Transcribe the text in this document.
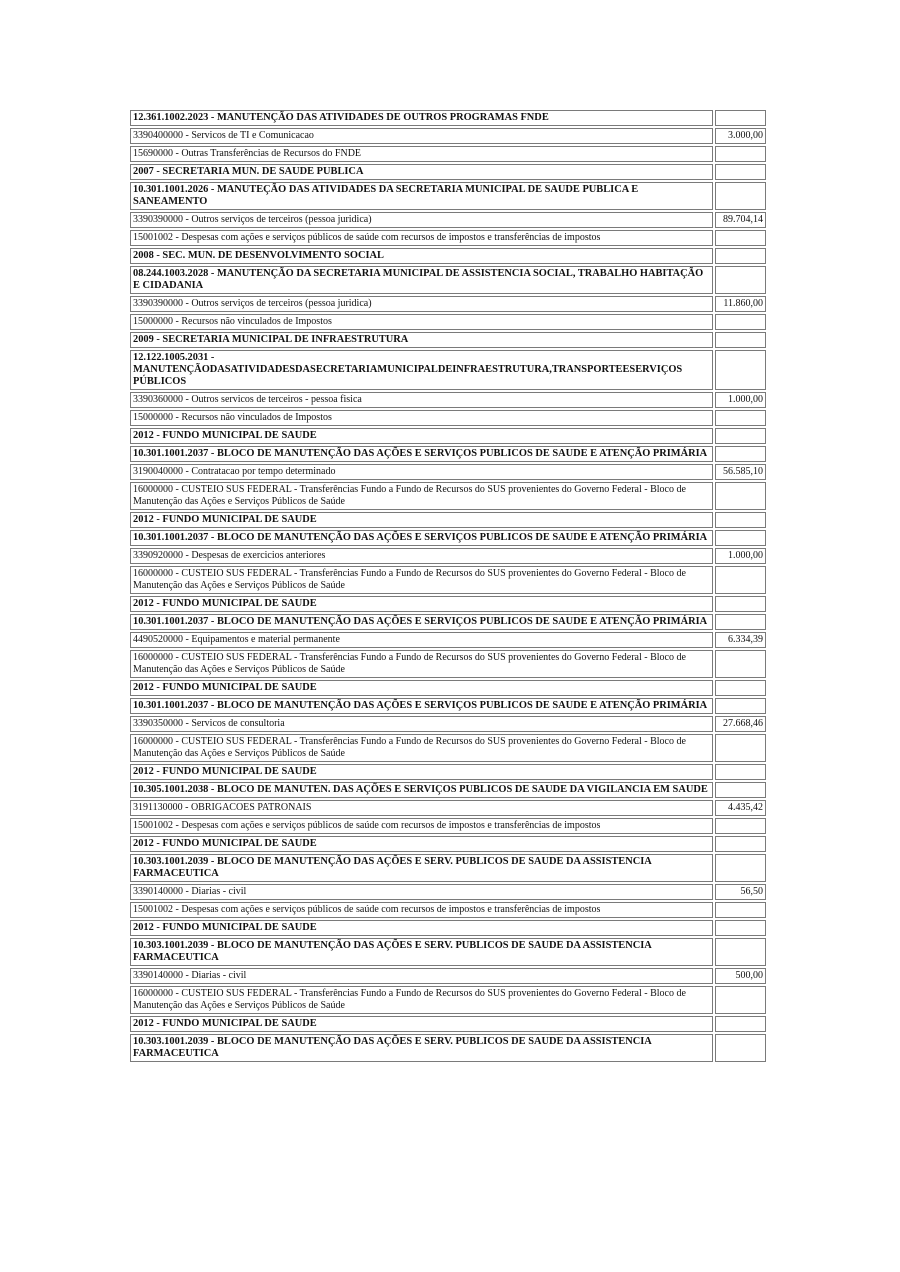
12.361.1002.2023 - MANUTENÇÃO DAS ATIVIDADES DE OUTROS PROGRAMAS FNDE	
3390400000 - Servicos de TI e Comunicacao	3.000,00
15690000 - Outras Transferências de Recursos do FNDE	
2007 - SECRETARIA MUN. DE SAUDE PUBLICA	
10.301.1001.2026 - MANUTEÇÃO DAS ATIVIDADES DA SECRETARIA MUNICIPAL DE SAUDE PUBLICA E SANEAMENTO	
3390390000 - Outros serviços de terceiros (pessoa juridica)	89.704,14
15001002 - Despesas com ações e serviços públicos de saúde com recursos de impostos e transferências de impostos	
2008 - SEC. MUN. DE DESENVOLVIMENTO SOCIAL	
08.244.1003.2028 - MANUTENÇÃO DA SECRETARIA MUNICIPAL DE ASSISTENCIA SOCIAL, TRABALHO HABITAÇÃO E CIDADANIA	
3390390000 - Outros serviços de terceiros (pessoa juridica)	11.860,00
15000000 - Recursos não vinculados de Impostos	
2009 - SECRETARIA MUNICIPAL DE INFRAESTRUTURA	
12.122.1005.2031 - MANUTENÇÃODASATIVIDADESDASECRETARIAMUNICIPALDEINFRAESTRUTURA,TRANSPORTEESERVIÇOS PÚBLICOS	
3390360000 - Outros servicos de terceiros - pessoa fisica	1.000,00
15000000 - Recursos não vinculados de Impostos	
2012 - FUNDO MUNICIPAL DE SAUDE	
10.301.1001.2037 - BLOCO DE MANUTENÇÃO DAS AÇÕES E SERVIÇOS PUBLICOS DE SAUDE E ATENÇÃO PRIMÁRIA	
3190040000 - Contratacao por tempo determinado	56.585,10
16000000 - CUSTEIO SUS FEDERAL - Transferências Fundo a Fundo de Recursos do SUS provenientes do Governo Federal - Bloco de Manutenção das Ações e Serviços Públicos de Saúde	
2012 - FUNDO MUNICIPAL DE SAUDE	
10.301.1001.2037 - BLOCO DE MANUTENÇÃO DAS AÇÕES E SERVIÇOS PUBLICOS DE SAUDE E ATENÇÃO PRIMÁRIA	
3390920000 - Despesas de exercicios anteriores	1.000,00
16000000 - CUSTEIO SUS FEDERAL - Transferências Fundo a Fundo de Recursos do SUS provenientes do Governo Federal - Bloco de Manutenção das Ações e Serviços Públicos de Saúde	
2012 - FUNDO MUNICIPAL DE SAUDE	
10.301.1001.2037 - BLOCO DE MANUTENÇÃO DAS AÇÕES E SERVIÇOS PUBLICOS DE SAUDE E ATENÇÃO PRIMÁRIA	
4490520000 - Equipamentos e material permanente	6.334,39
16000000 - CUSTEIO SUS FEDERAL - Transferências Fundo a Fundo de Recursos do SUS provenientes do Governo Federal - Bloco de Manutenção das Ações e Serviços Públicos de Saúde	
2012 - FUNDO MUNICIPAL DE SAUDE	
10.301.1001.2037 - BLOCO DE MANUTENÇÃO DAS AÇÕES E SERVIÇOS PUBLICOS DE SAUDE E ATENÇÃO PRIMÁRIA	
3390350000 - Servicos de consultoria	27.668,46
16000000 - CUSTEIO SUS FEDERAL - Transferências Fundo a Fundo de Recursos do SUS provenientes do Governo Federal - Bloco de Manutenção das Ações e Serviços Públicos de Saúde	
2012 - FUNDO MUNICIPAL DE SAUDE	
10.305.1001.2038 - BLOCO DE MANUTEN. DAS AÇÕES E SERVIÇOS PUBLICOS DE SAUDE DA VIGILANCIA EM SAUDE	
3191130000 - OBRIGACOES PATRONAIS	4.435,42
15001002 - Despesas com ações e serviços públicos de saúde com recursos de impostos e transferências de impostos	
2012 - FUNDO MUNICIPAL DE SAUDE	
10.303.1001.2039 - BLOCO DE MANUTENÇÃO DAS AÇÕES E SERV. PUBLICOS DE SAUDE DA ASSISTENCIA FARMACEUTICA	
3390140000 - Diarias - civil	56,50
15001002 - Despesas com ações e serviços públicos de saúde com recursos de impostos e transferências de impostos	
2012 - FUNDO MUNICIPAL DE SAUDE	
10.303.1001.2039 - BLOCO DE MANUTENÇÃO DAS AÇÕES E SERV. PUBLICOS DE SAUDE DA ASSISTENCIA FARMACEUTICA	
3390140000 - Diarias - civil	500,00
16000000 - CUSTEIO SUS FEDERAL - Transferências Fundo a Fundo de Recursos do SUS provenientes do Governo Federal - Bloco de Manutenção das Ações e Serviços Públicos de Saúde	
2012 - FUNDO MUNICIPAL DE SAUDE	
10.303.1001.2039 - BLOCO DE MANUTENÇÃO DAS AÇÕES E SERV. PUBLICOS DE SAUDE DA ASSISTENCIA FARMACEUTICA	
